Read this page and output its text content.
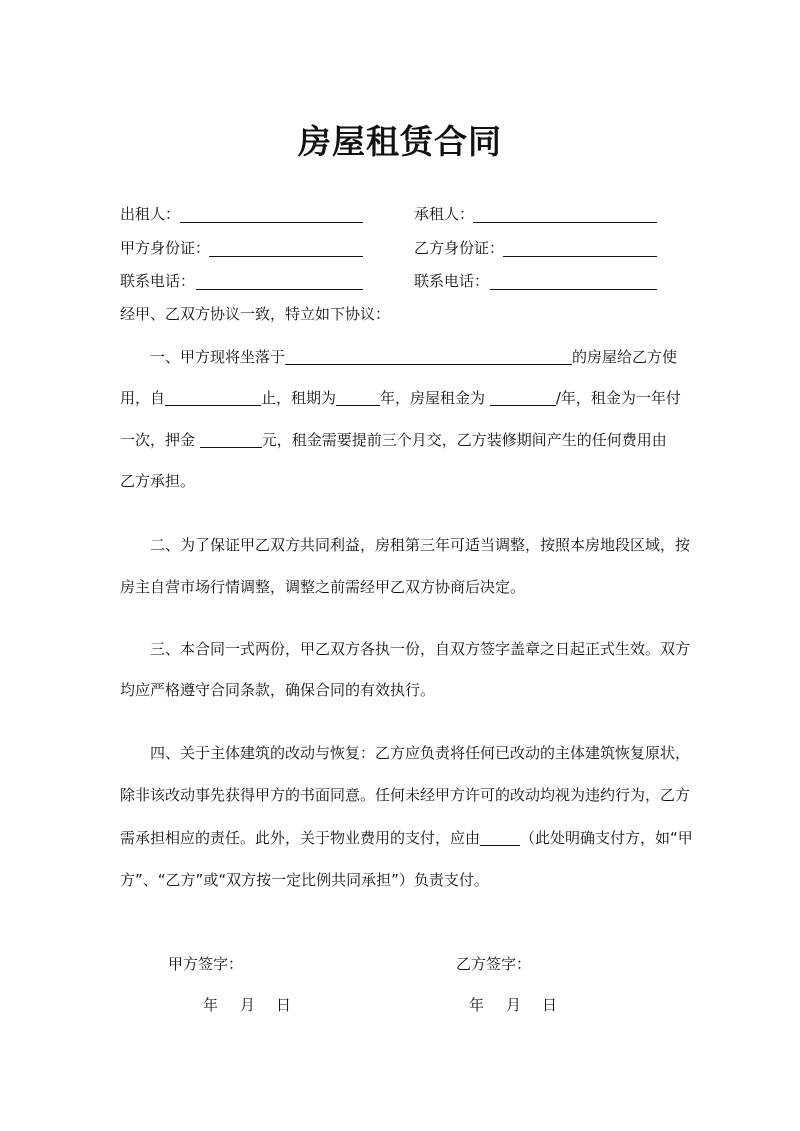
房屋租赁合同
出租人：	承租人：
甲方身份证：	乙方身份证：
联系电话：	联系电话：
经甲、乙双方协议一致，特立如下协议：
一、甲方现将坐落于	的房屋给乙方使
用，自	止，租期为	年，房屋租金为	/年，租金为一年付
一次，押金	元，租金需要提前三个月交，乙方装修期间产生的任何费用由
乙方承担。
二、为了保证甲乙双方共同利益，房租第三年可适当调整，按照本房地段区域，按
房主自营市场行情调整，调整之前需经甲乙双方协商后决定。
三、本合同一式两份，甲乙双方各执一份，自双方签字盖章之日起正式生效。双方
均应严格遵守合同条款，确保合同的有效执行。
四、关于主体建筑的改动与恢复：乙方应负责将任何已改动的主体建筑恢复原状，
除非该改动事先获得甲方的书面同意。任何未经甲方许可的改动均视为违约行为，乙方
需承担相应的责任。此外，关于物业费用的支付，应由	（此处明确支付方，如“甲
方”、“乙方”或“双方按一定比例共同承担”）负责支付。
甲方签字：	乙方签字：
年 月 日	年 月 日
